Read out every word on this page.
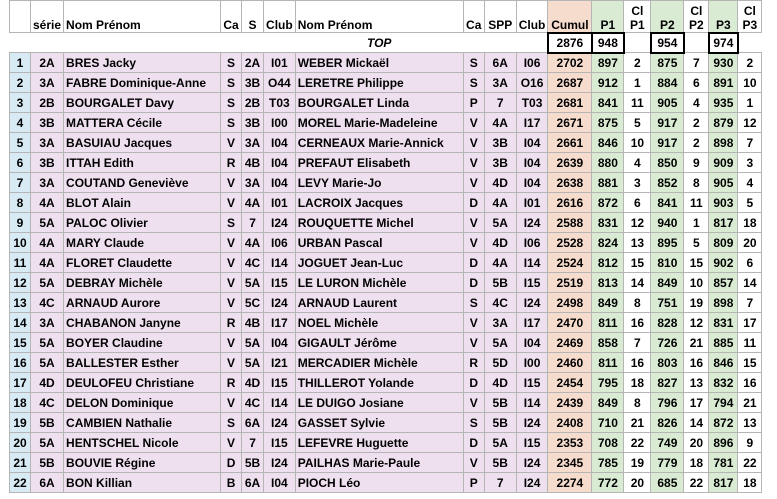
	série	Nom Prénom	Ca	S	Club	Nom Prénom	Ca	SPP	Club	Cumul	P1	Cl P1	P2	Cl P2	P3	Cl P3
						TOP				2876	948		954		974	
1	2A	BRES Jacky	S	2A	I01	WEBER Mickaël	S	6A	I06	2702	897	2	875	7	930	2
2	3A	FABRE Dominique-Anne	S	3B	O44	LERETRE Philippe	S	3A	O16	2687	912	1	884	6	891	10
3	2B	BOURGALET Davy	S	2B	T03	BOURGALET Linda	P	7	T03	2681	841	11	905	4	935	1
4	3B	MATTERA Cécile	S	3B	I00	MOREL Marie-Madeleine	V	4A	I17	2671	875	5	917	2	879	12
5	3A	BASUIAU Jacques	V	3A	I04	CERNEAUX Marie-Annick	V	3B	I04	2661	846	10	917	2	898	7
6	3B	ITTAH Edith	R	4B	I04	PREFAUT Elisabeth	V	3B	I04	2639	880	4	850	9	909	3
7	3A	COUTAND Geneviève	V	3A	I04	LEVY Marie-Jo	V	4D	I04	2638	881	3	852	8	905	4
8	4A	BLOT Alain	V	4A	I01	LACROIX Jacques	D	4A	I01	2616	872	6	841	11	903	5
9	5A	PALOC Olivier	S	7	I24	ROUQUETTE Michel	V	5A	I24	2588	831	12	940	1	817	18
10	4A	MARY Claude	V	4A	I06	URBAN Pascal	V	4D	I06	2528	824	13	895	5	809	20
11	4A	FLORET Claudette	V	4C	I14	JOGUET Jean-Luc	D	4A	I14	2524	812	15	810	15	902	6
12	5A	DEBRAY Michèle	V	5A	I15	LE LURON Michèle	D	5B	I15	2519	813	14	849	10	857	14
13	4C	ARNAUD Aurore	V	5C	I24	ARNAUD Laurent	S	4C	I24	2498	849	8	751	19	898	7
14	3A	CHABANON Janyne	R	4B	I17	NOEL Michèle	V	3A	I17	2470	811	16	828	12	831	17
15	5A	BOYER Claudine	V	5A	I04	GIGAULT Jérôme	V	5A	I04	2469	858	7	726	21	885	11
16	5A	BALLESTER Esther	V	5A	I21	MERCADIER Michèle	R	5D	I00	2460	811	16	803	16	846	15
17	4D	DEULOFEU Christiane	R	4D	I15	THILLEROT Yolande	D	4D	I15	2454	795	18	827	13	832	16
18	4C	DELON Dominique	V	4C	I14	LE DUIGO Josiane	V	5B	I14	2439	849	8	796	17	794	21
19	5B	CAMBIEN Nathalie	S	6A	I24	GASSET Sylvie	S	5B	I24	2408	710	21	826	14	872	13
20	5A	HENTSCHEL Nicole	V	7	I15	LEFEVRE Huguette	D	5A	I15	2353	708	22	749	20	896	9
21	5B	BOUVIE Régine	D	5B	I24	PAILHAS Marie-Paule	V	5B	I24	2345	785	19	779	18	781	22
22	6A	BON Killian	B	6A	I04	PIOCH Léo	P	7	I24	2274	772	20	685	22	817	18
